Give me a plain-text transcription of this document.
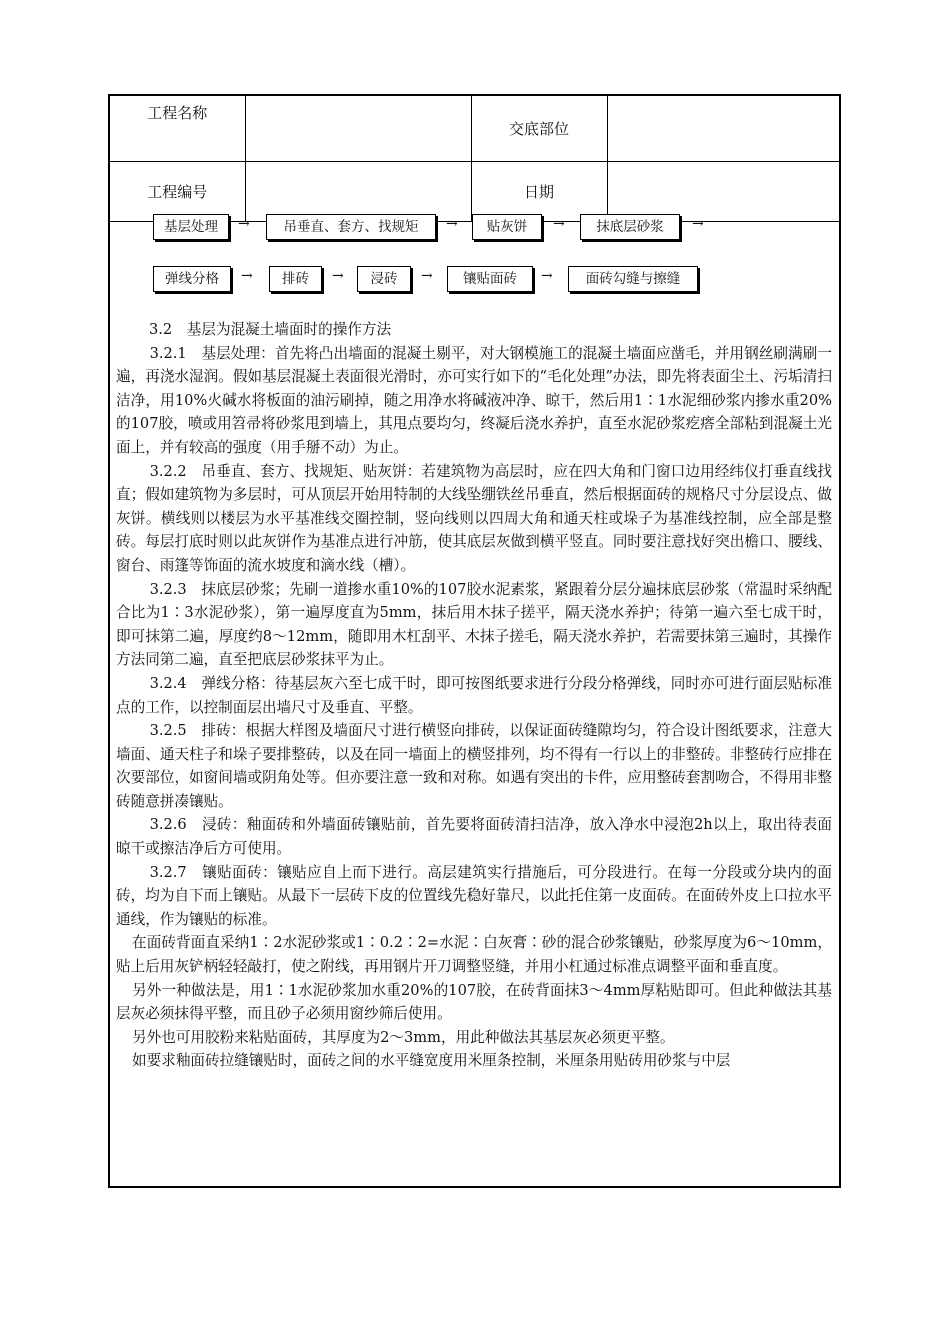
工程名称		交底部位	
工程编号		日期	
基层处理	→	吊垂直、套方、找规矩	→	贴灰饼	→	抹底层砂浆	→
弹线分格	→	排砖	→	浸砖	→	镶贴面砖	→	面砖勾缝与擦缝

3.2　基层为混凝土墙面时的操作方法

3.2.1　基层处理：首先将凸出墙面的混凝土剔平，对大钢模施工的混凝土墙面应凿毛，并用钢丝刷满刷一遍，再浇水湿润。假如基层混凝土表面很光滑时，亦可实行如下的“毛化处理”办法，即先将表面尘土、污垢清扫洁净，用10%火碱水将板面的油污刷掉，随之用净水将碱液冲净、晾干，然后用1∶1水泥细砂浆内掺水重20%的107胶，喷或用笤帚将砂浆甩到墙上，其甩点要均匀，终凝后浇水养护，直至水泥砂浆疙瘩全部粘到混凝土光面上，并有较高的强度（用手掰不动）为止。

3.2.2　吊垂直、套方、找规矩、贴灰饼：若建筑物为高层时，应在四大角和门窗口边用经纬仪打垂直线找直；假如建筑物为多层时，可从顶层开始用特制的大线坠绷铁丝吊垂直，然后根据面砖的规格尺寸分层设点、做灰饼。横线则以楼层为水平基准线交圈控制，竖向线则以四周大角和通天柱或垛子为基准线控制，应全部是整砖。每层打底时则以此灰饼作为基准点进行冲筋，使其底层灰做到横平竖直。同时要注意找好突出檐口、腰线、窗台、雨篷等饰面的流水坡度和滴水线（槽）。

3.2.3　抹底层砂浆；先刷一道掺水重10%的107胶水泥素浆，紧跟着分层分遍抹底层砂浆（常温时采纳配合比为1∶3水泥砂浆），第一遍厚度直为5mm，抹后用木抹子搓平，隔天浇水养护；待第一遍六至七成干时，即可抹第二遍，厚度约8～12mm，随即用木杠刮平、木抹子搓毛，隔天浇水养护，若需要抹第三遍时，其操作方法同第二遍，直至把底层砂浆抹平为止。

3.2.4　弹线分格：待基层灰六至七成干时，即可按图纸要求进行分段分格弹线，同时亦可进行面层贴标准点的工作，以控制面层出墙尺寸及垂直、平整。

3.2.5　排砖：根据大样图及墙面尺寸进行横竖向排砖，以保证面砖缝隙均匀，符合设计图纸要求，注意大墙面、通天柱子和垛子要排整砖，以及在同一墙面上的横竖排列，均不得有一行以上的非整砖。非整砖行应排在次要部位，如窗间墙或阴角处等。但亦要注意一致和对称。如遇有突出的卡件，应用整砖套割吻合，不得用非整砖随意拼凑镶贴。

3.2.6　浸砖：釉面砖和外墙面砖镶贴前，首先要将面砖清扫洁净，放入净水中浸泡2h以上，取出待表面晾干或擦洁净后方可使用。

3.2.7　镶贴面砖：镶贴应自上而下进行。高层建筑实行措施后，可分段进行。在每一分段或分块内的面砖，均为自下而上镶贴。从最下一层砖下皮的位置线先稳好靠尺，以此托住第一皮面砖。在面砖外皮上口拉水平通线，作为镶贴的标准。

在面砖背面直采纳1∶2水泥砂浆或1∶0.2∶2=水泥∶白灰膏∶砂的混合砂浆镶贴，砂浆厚度为6～10mm，贴上后用灰铲柄轻轻敲打，使之附线，再用钢片开刀调整竖缝，并用小杠通过标准点调整平面和垂直度。

另外一种做法是，用1∶1水泥砂浆加水重20%的107胶，在砖背面抹3～4mm厚粘贴即可。但此种做法其基层灰必须抹得平整，而且砂子必须用窗纱筛后使用。

另外也可用胶粉来粘贴面砖，其厚度为2～3mm，用此种做法其基层灰必须更平整。

如要求釉面砖拉缝镶贴时，面砖之间的水平缝宽度用米厘条控制，米厘条用贴砖用砂浆与中层
